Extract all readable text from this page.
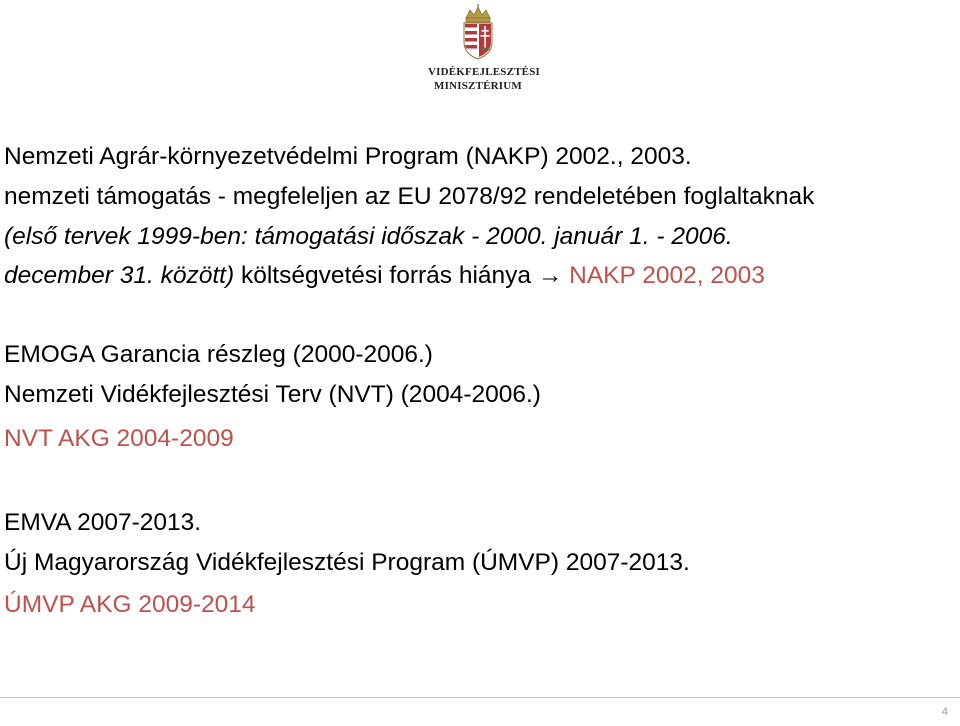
VIDÉKFEJLESZTÉSI
MINISZTÉRIUM
Nemzeti Agrár-környezetvédelmi Program (NAKP) 2002., 2003.
nemzeti támogatás - megfeleljen az EU 2078/92 rendeletében foglaltaknak
(első tervek 1999-ben: támogatási időszak - 2000. január 1. - 2006.
december 31. között) költségvetési forrás hiánya → NAKP 2002, 2003
EMOGA Garancia részleg (2000-2006.)
Nemzeti Vidékfejlesztési Terv (NVT) (2004-2006.)
NVT AKG 2004-2009
EMVA 2007-2013.
Új Magyarország Vidékfejlesztési Program (ÚMVP) 2007-2013.
ÚMVP AKG 2009-2014
4
